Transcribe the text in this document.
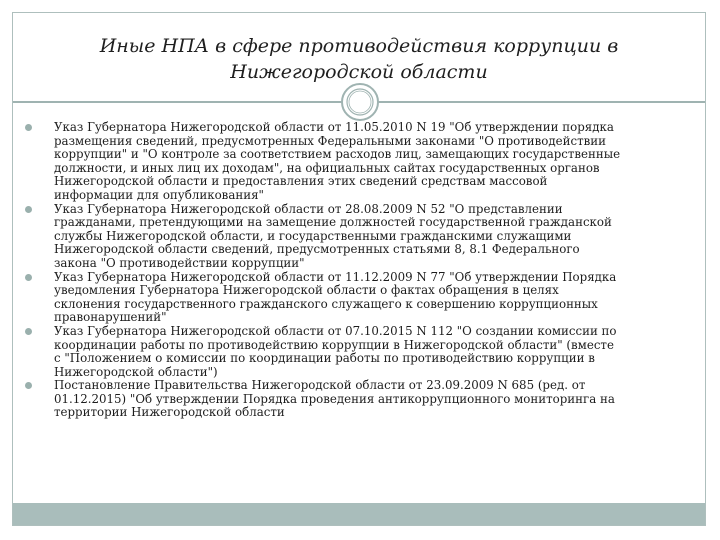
Иные НПА в сфере противодействия коррупции в
Нижегородской области
Указ Губернатора Нижегородской области от 11.05.2010 N 19 "Об утверждении порядка
размещения сведений, предусмотренных Федеральными законами "О противодействии
коррупции" и "О контроле за соответствием расходов лиц, замещающих государственные
должности, и иных лиц их доходам", на официальных сайтах государственных органов
Нижегородской области и предоставления этих сведений средствам массовой
информации для опубликования"
Указ Губернатора Нижегородской области от 28.08.2009 N 52 "О представлении
гражданами, претендующими на замещение должностей государственной гражданской
службы Нижегородской области, и государственными гражданскими служащими
Нижегородской области сведений, предусмотренных статьями 8, 8.1 Федерального
закона "О противодействии коррупции"
Указ Губернатора Нижегородской области от 11.12.2009 N 77 "Об утверждении Порядка
уведомления Губернатора Нижегородской области о фактах обращения в целях
склонения государственного гражданского служащего к совершению коррупционных
правонарушений"
Указ Губернатора Нижегородской области от 07.10.2015 N 112 "О создании комиссии по
координации работы по противодействию коррупции в Нижегородской области" (вместе
с "Положением о комиссии по координации работы по противодействию коррупции в
Нижегородской области")
Постановление Правительства Нижегородской области от 23.09.2009 N 685 (ред. от
01.12.2015) "Об утверждении Порядка проведения антикоррупционного мониторинга на
территории Нижегородской области
